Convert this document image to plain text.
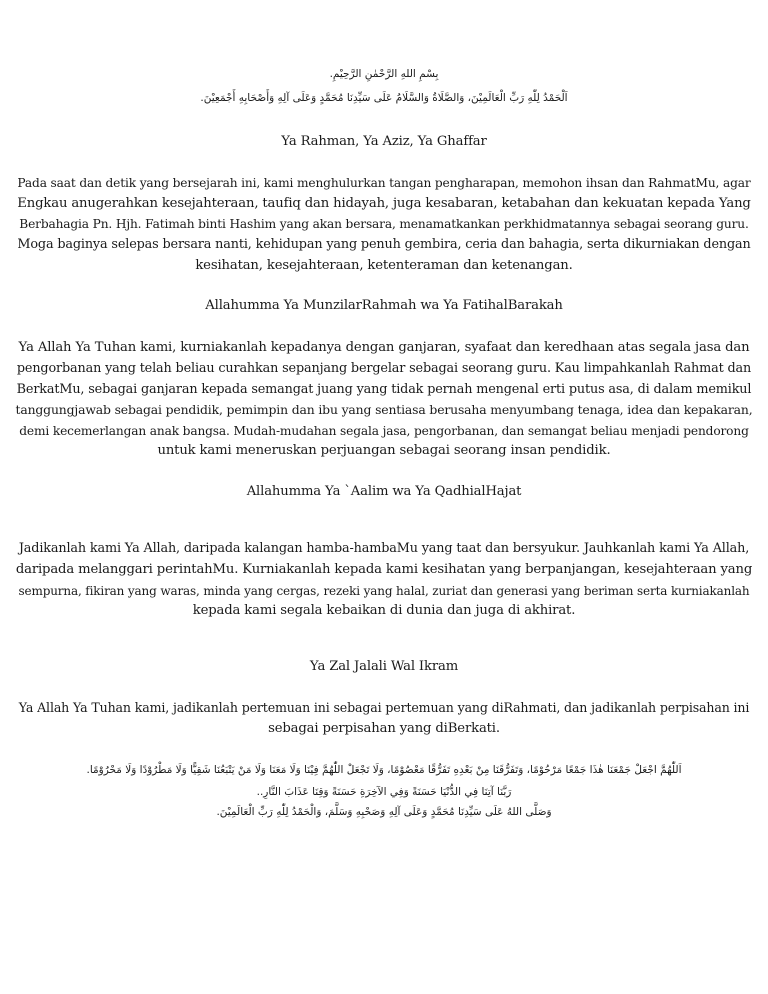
بِسْمِ اللهِ الرَّحْمٰنِ الرَّحِيْمِ.
اَلْحَمْدُ لِلّٰهِ رَبِّ الْعَالَمِيْنَ، وَالصَّلَاةُ وَالسَّلَامُ عَلَى سَيِّدِنَا مُحَمَّدٍ وَعَلَى آلِهِ وَأَصْحَابِهِ أَجْمَعِيْنَ.
Ya Rahman, Ya Aziz, Ya Ghaffar
Pada saat dan detik yang bersejarah ini, kami menghulurkan tangan pengharapan, memohon ihsan dan RahmatMu, agar
Engkau anugerahkan kesejahteraan, taufiq dan hidayah, juga kesabaran, ketabahan dan kekuatan kepada Yang
Berbahagia Pn. Hjh. Fatimah binti Hashim yang akan bersara, menamatkankan perkhidmatannya sebagai seorang guru.
Moga baginya selepas bersara nanti, kehidupan yang penuh gembira, ceria dan bahagia, serta dikurniakan dengan
kesihatan, kesejahteraan, ketenteraman dan ketenangan.
Allahumma Ya MunzilarRahmah wa Ya FatihalBarakah
Ya Allah Ya Tuhan kami, kurniakanlah kepadanya dengan ganjaran, syafaat dan keredhaan atas segala jasa dan
pengorbanan yang telah beliau curahkan sepanjang bergelar sebagai seorang guru. Kau limpahkanlah Rahmat dan
BerkatMu, sebagai ganjaran kepada semangat juang yang tidak pernah mengenal erti putus asa, di dalam memikul
tanggungjawab sebagai pendidik, pemimpin dan ibu yang sentiasa berusaha menyumbang tenaga, idea dan kepakaran,
demi kecemerlangan anak bangsa. Mudah-mudahan segala jasa, pengorbanan, dan semangat beliau menjadi pendorong
untuk kami meneruskan perjuangan sebagai seorang insan pendidik.
Allahumma Ya `Aalim wa Ya QadhialHajat
Jadikanlah kami Ya Allah, daripada kalangan hamba-hambaMu yang taat dan bersyukur. Jauhkanlah kami Ya Allah,
daripada melanggari perintahMu. Kurniakanlah kepada kami kesihatan yang berpanjangan, kesejahteraan yang
sempurna, fikiran yang waras, minda yang cergas, rezeki yang halal, zuriat dan generasi yang beriman serta kurniakanlah
kepada kami segala kebaikan di dunia dan juga di akhirat.
Ya Zal Jalali Wal Ikram
Ya Allah Ya Tuhan kami, jadikanlah pertemuan ini sebagai pertemuan yang diRahmati, dan jadikanlah perpisahan ini
sebagai perpisahan yang diBerkati.
اَللّٰهُمَّ اجْعَلْ جَمْعَنَا هٰذَا جَمْعًا مَرْحُوْمًا، وَتَفَرُّقَنَا مِنْ بَعْدِهِ تَفَرُّقًا مَعْصُوْمًا، وَلَا تَجْعَلْ اللّٰهُمَّ فِيْنَا وَلَا مَعَنَا وَلَا مَنْ يَتْبَعُنَا شَقِيًّا وَلَا مَطْرُوْدًا وَلَا مَحْرُوْمًا.
رَبَّنَا آتِنَا فِي الدُّنْيَا حَسَنَةً وَفِي الآخِرَةِ حَسَنَةً وَقِنَا عَذَابَ النَّارِ..
وَصَلَّى اللهُ عَلَى سَيِّدِنَا مُحَمَّدٍ وَعَلَى آلِهِ وَصَحْبِهِ وَسَلَّمَ، وَالْحَمْدُ لِلّٰهِ رَبِّ الْعَالَمِيْنَ.
